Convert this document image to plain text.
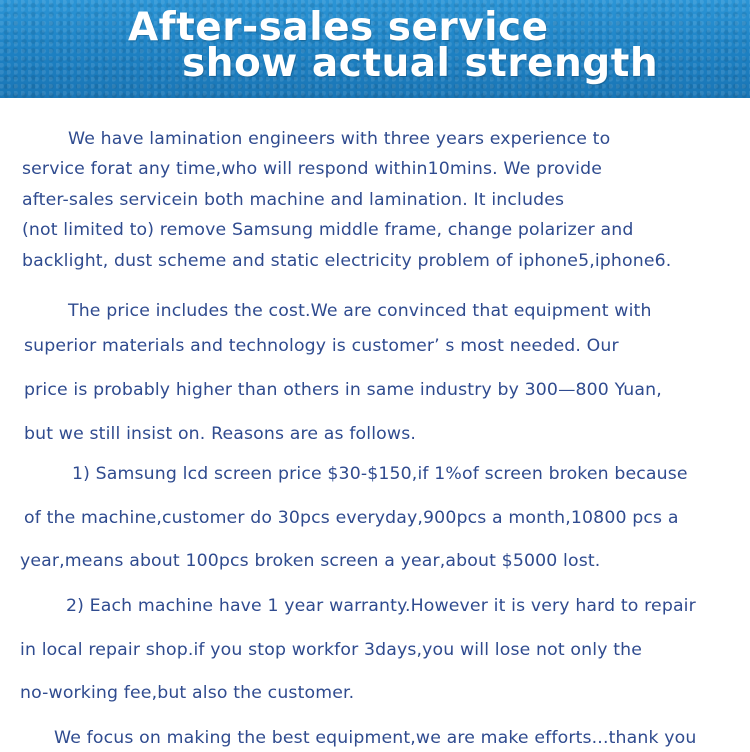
After-sales service
show actual strength
We have lamination engineers with three years experience to
service forat any time,who will respond within10mins. We provide
after-sales servicein both machine and lamination. It includes
(not limited to) remove Samsung middle frame, change polarizer and
backlight, dust scheme and static electricity problem of iphone5,iphone6.
The price includes the cost.We are convinced that equipment with
superior materials and technology is customer’ s most needed. Our
price is probably higher than others in same industry by 300—800 Yuan,
but we still insist on. Reasons are as follows.
1) Samsung lcd screen price $30-$150,if 1%of screen broken because
of the machine,customer do 30pcs everyday,900pcs a month,10800 pcs a
year,means about 100pcs broken screen a year,about $5000 lost.
2) Each machine have 1 year warranty.However it is very hard to repair
in local repair shop.if you stop workfor 3days,you will lose not only the
no-working fee,but also the customer.
We focus on making the best equipment,we are make efforts...thank you
